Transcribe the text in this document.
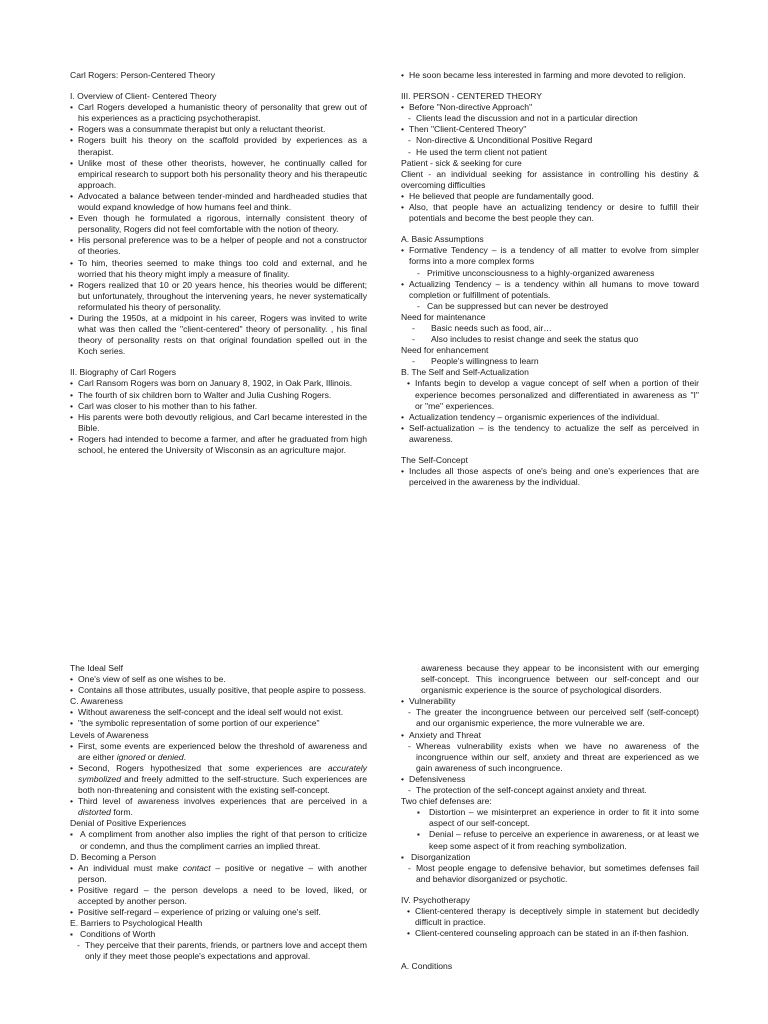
Carl Rogers: Person-Centered Theory
I. Overview of Client- Centered Theory
• Carl Rogers developed a humanistic theory of personality that grew out of his experiences as a practicing psychotherapist.
• Rogers was a consummate therapist but only a reluctant theorist.
• Rogers built his theory on the scaffold provided by experiences as a therapist.
• Unlike most of these other theorists, however, he continually called for empirical research to support both his personality theory and his therapeutic approach.
• Advocated a balance between tender-minded and hardheaded studies that would expand knowledge of how humans feel and think.
• Even though he formulated a rigorous, internally consistent theory of personality, Rogers did not feel comfortable with the notion of theory.
• His personal preference was to be a helper of people and not a constructor of theories.
• To him, theories seemed to make things too cold and external, and he worried that his theory might imply a measure of finality.
• Rogers realized that 10 or 20 years hence, his theories would be different; but unfortunately, throughout the intervening years, he never systematically reformulated his theory of personality.
• During the 1950s, at a midpoint in his career, Rogers was invited to write what was then called the "client-centered" theory of personality. , his final theory of personality rests on that original foundation spelled out in the Koch series.
II. Biography of Carl Rogers
• Carl Ransom Rogers was born on January 8, 1902, in Oak Park, Illinois.
• The fourth of six children born to Walter and Julia Cushing Rogers.
• Carl was closer to his mother than to his father.
• His parents were both devoutly religious, and Carl became interested in the Bible.
• Rogers had intended to become a farmer, and after he graduated from high school, he entered the University of Wisconsin as an agriculture major.
• He soon became less interested in farming and more devoted to religion.
III. PERSON - CENTERED THEORY
• Before "Non-directive Approach"
- Clients lead the discussion and not in a particular direction
• Then "Client-Centered Theory"
- Non-directive & Unconditional Positive Regard
- He used the term client not patient
Patient - sick & seeking for cure
Client - an individual seeking for assistance in controlling his destiny & overcoming difficulties
• He believed that people are fundamentally good.
• Also, that people have an actualizing tendency or desire to fulfill their potentials and become the best people they can.
A. Basic Assumptions
• Formative Tendency – is a tendency of all matter to evolve from simpler forms into a more complex forms
- Primitive unconsciousness to a highly-organized awareness
• Actualizing Tendency – is a tendency within all humans to move toward completion or fulfillment of potentials.
- Can be suppressed but can never be destroyed
Need for maintenance
- Basic needs such as food, air…
- Also includes to resist change and seek the status quo
Need for enhancement
- People's willingness to learn
B. The Self and Self-Actualization
• Infants begin to develop a vague concept of self when a portion of their experience becomes personalized and differentiated in awareness as "I" or "me" experiences.
• Actualization tendency – organismic experiences of the individual.
• Self-actualization – is the tendency to actualize the self as perceived in awareness.
The Self-Concept
• Includes all those aspects of one's being and one's experiences that are perceived in the awareness by the individual.
The Ideal Self
• One's view of self as one wishes to be.
• Contains all those attributes, usually positive, that people aspire to possess.
C. Awareness
• Without awareness the self-concept and the ideal self would not exist.
• "the symbolic representation of some portion of our experience"
Levels of Awareness
• First, some events are experienced below the threshold of awareness and are either ignored or denied.
• Second, Rogers hypothesized that some experiences are accurately symbolized and freely admitted to the self-structure. Such experiences are both non-threatening and consistent with the existing self-concept.
• Third level of awareness involves experiences that are perceived in a distorted form.
Denial of Positive Experiences
▪ A compliment from another also implies the right of that person to criticize or condemn, and thus the compliment carries an implied threat.
D. Becoming a Person
• An individual must make contact – positive or negative – with another person.
• Positive regard – the person develops a need to be loved, liked, or accepted by another person.
• Positive self-regard – experience of prizing or valuing one's self.
E. Barriers to Psychological Health
▪ Conditions of Worth
- They perceive that their parents, friends, or partners love and accept them only if they meet those people's expectations and approval.
awareness because they appear to be inconsistent with our emerging self-concept. This incongruence between our self-concept and our organismic experience is the source of psychological disorders.
• Vulnerability
- The greater the incongruence between our perceived self (self-concept) and our organismic experience, the more vulnerable we are.
• Anxiety and Threat
- Whereas vulnerability exists when we have no awareness of the incongruence within our self, anxiety and threat are experienced as we gain awareness of such incongruence.
• Defensiveness
- The protection of the self-concept against anxiety and threat.
Two chief defenses are:
▪ Distortion – we misinterpret an experience in order to fit it into some aspect of our self-concept.
▪ Denial – refuse to perceive an experience in awareness, or at least we keep some aspect of it from reaching symbolization.
▪ Disorganization
- Most people engage to defensive behavior, but sometimes defenses fail and behavior disorganized or psychotic.
IV. Psychotherapy
• Client-centered therapy is deceptively simple in statement but decidedly difficult in practice.
• Client-centered counseling approach can be stated in an if-then fashion.
A. Conditions
